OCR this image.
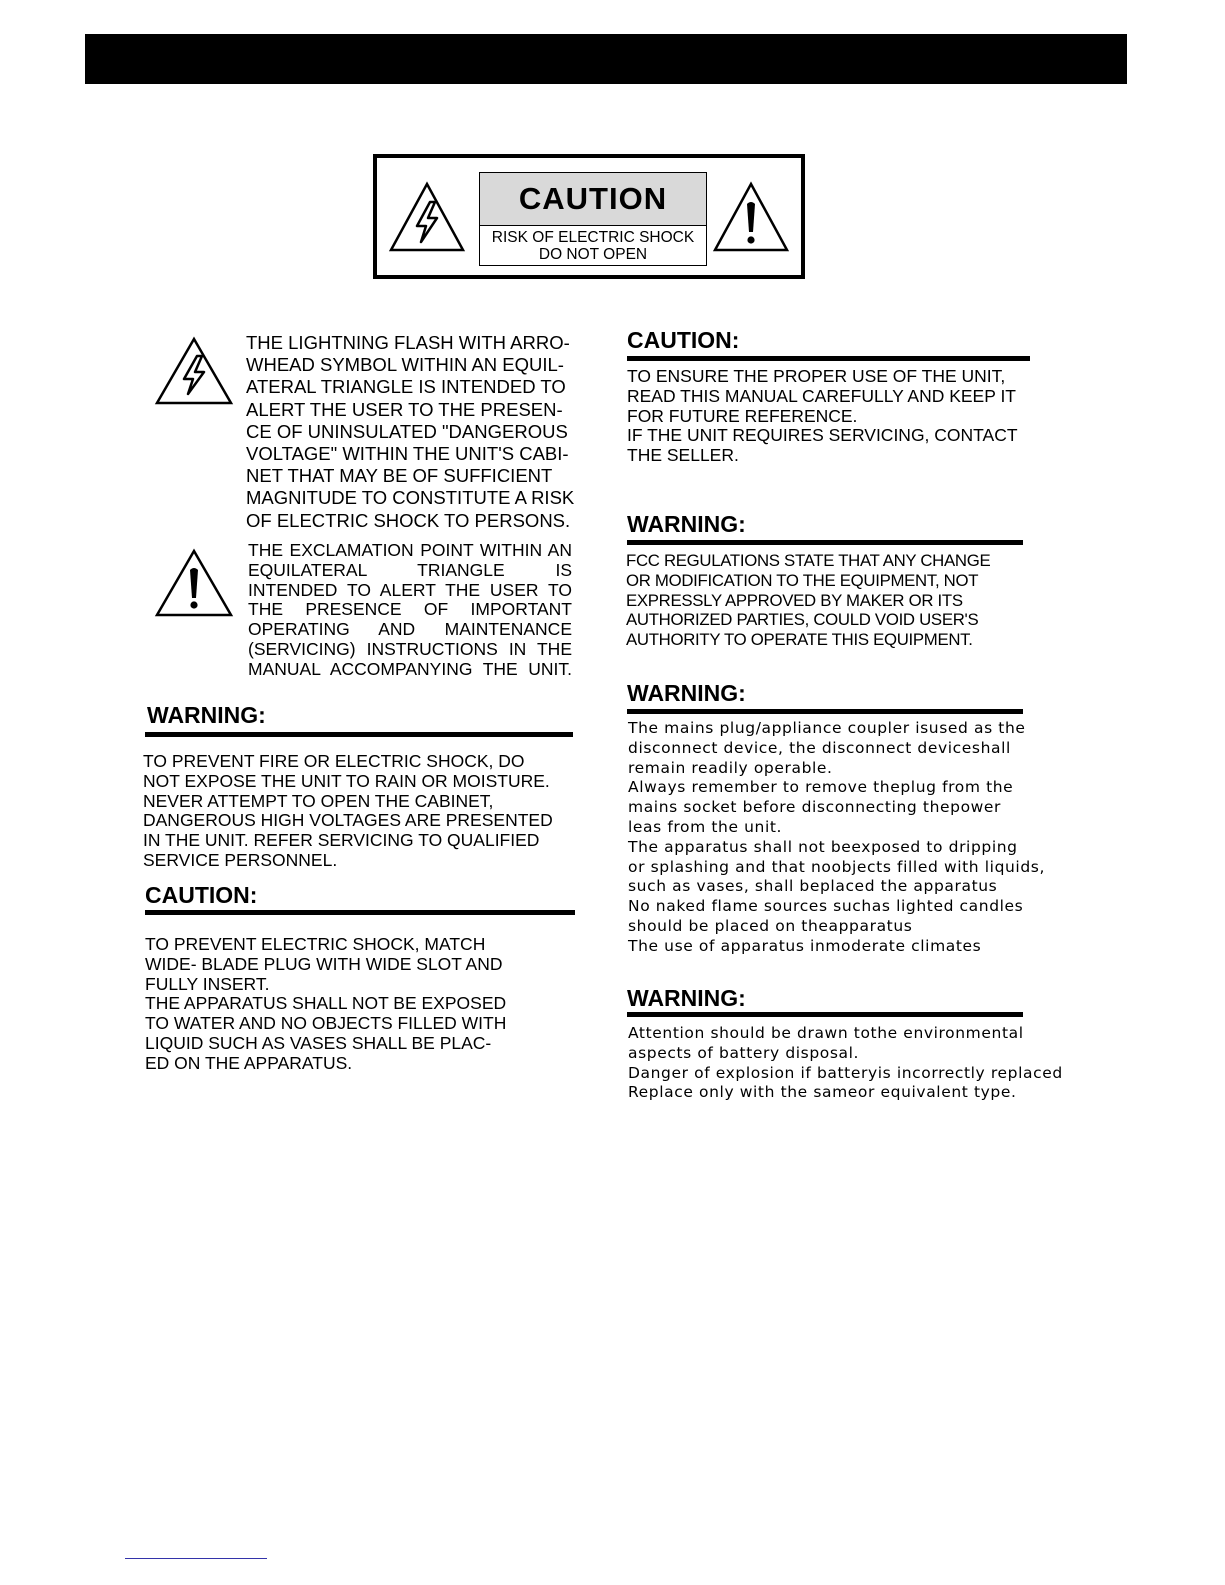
CAUTION
RISK OF ELECTRIC SHOCK
DO NOT OPEN

THE LIGHTNING FLASH WITH ARRO-
WHEAD SYMBOL WITHIN AN EQUIL-
ATERAL TRIANGLE IS INTENDED TO
ALERT THE USER TO THE PRESEN-
CE OF UNINSULATED "DANGEROUS
VOLTAGE" WITHIN THE UNIT'S CABI-
NET THAT MAY BE OF SUFFICIENT
MAGNITUDE TO CONSTITUTE A RISK
OF ELECTRIC SHOCK TO PERSONS.

THE EXCLAMATION POINT WITHIN AN
EQUILATERAL TRIANGLE IS
INTENDED TO ALERT THE USER TO
THE PRESENCE OF IMPORTANT
OPERATING AND MAINTENANCE
(SERVICING) INSTRUCTIONS IN THE
MANUAL ACCOMPANYING THE UNIT.
WARNING:

TO PREVENT FIRE OR ELECTRIC SHOCK, DO
NOT EXPOSE THE UNIT TO RAIN OR MOISTURE.
NEVER ATTEMPT TO OPEN THE CABINET,
DANGEROUS HIGH VOLTAGES ARE PRESENTED
IN THE UNIT. REFER SERVICING TO QUALIFIED
SERVICE PERSONNEL.

CAUTION:

TO PREVENT ELECTRIC SHOCK, MATCH
WIDE- BLADE PLUG WITH WIDE SLOT AND
FULLY INSERT.
THE APPARATUS SHALL NOT BE EXPOSED
TO WATER AND NO OBJECTS FILLED WITH
LIQUID SUCH AS VASES SHALL BE PLAC-
ED ON THE APPARATUS.

CAUTION:

TO ENSURE THE PROPER USE OF THE UNIT,
READ THIS MANUAL CAREFULLY AND KEEP IT
FOR FUTURE REFERENCE.
IF THE UNIT REQUIRES SERVICING, CONTACT
THE SELLER.

WARNING:

FCC REGULATIONS STATE THAT ANY CHANGE
OR MODIFICATION TO THE EQUIPMENT, NOT
EXPRESSLY APPROVED BY MAKER OR ITS
AUTHORIZED PARTIES, COULD VOID USER'S
AUTHORITY TO OPERATE THIS EQUIPMENT.

WARNING:

The mains plug/appliance coupler isused as the
disconnect device, the disconnect deviceshall
remain readily operable.
Always remember to remove theplug from the
mains socket before disconnecting thepower
leas from the unit.
The apparatus shall not beexposed to dripping
or splashing and that noobjects filled with liquids,
such as vases, shall beplaced the apparatus
No naked flame sources suchas lighted candles
should be placed on theapparatus
The use of apparatus inmoderate climates

WARNING:

Attention should be drawn tothe environmental
aspects of battery disposal.
Danger of explosion if batteryis incorrectly replaced
Replace only with the sameor equivalent type.
